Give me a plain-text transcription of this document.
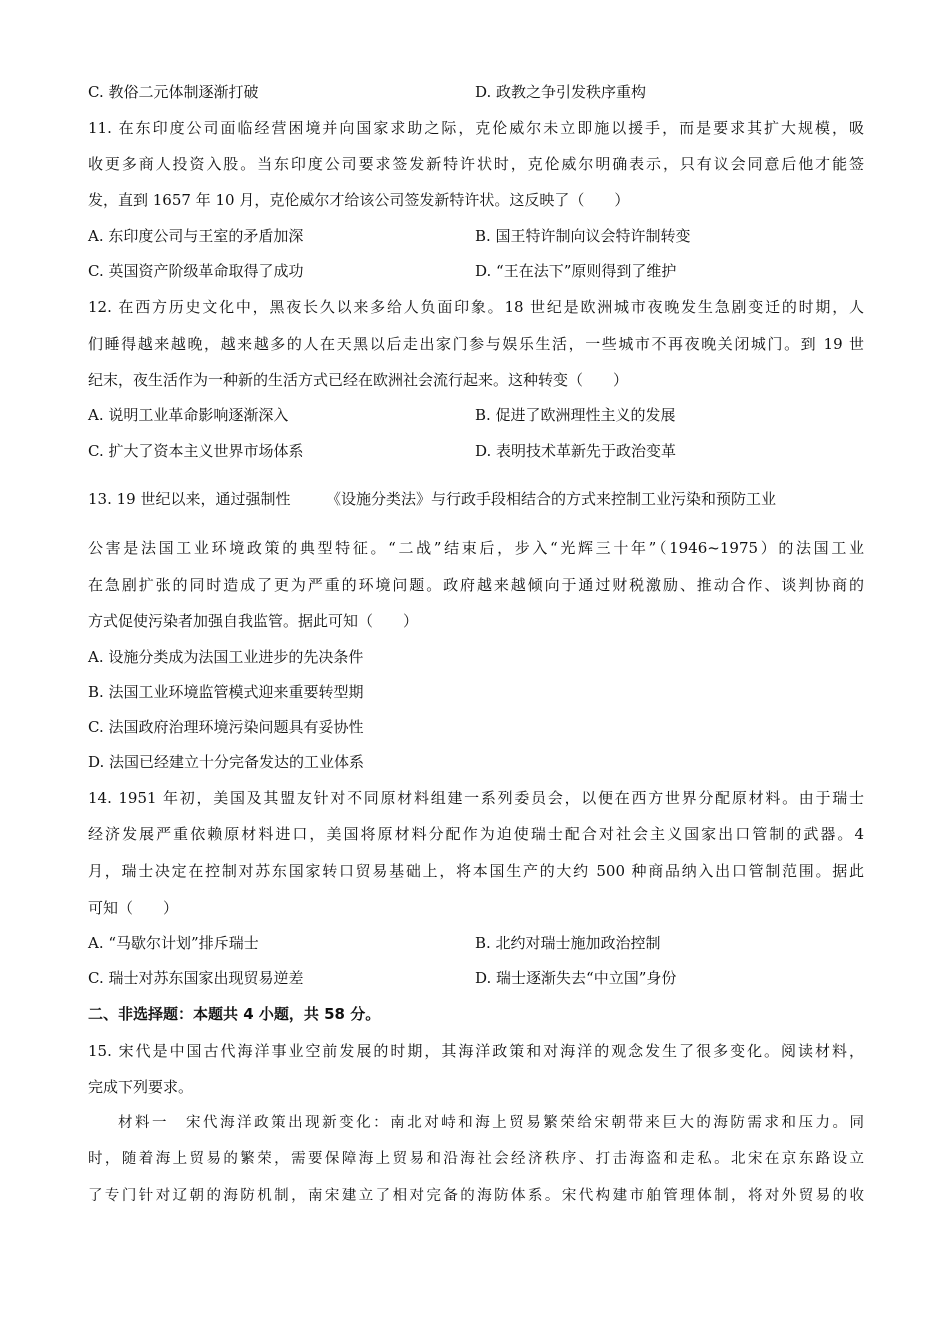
C. 教俗二元体制逐渐打破	D. 政教之争引发秩序重构
11. 在东印度公司面临经营困境并向国家求助之际，克伦威尔未立即施以援手，而是要求其扩大规模，吸
收更多商人投资入股。当东印度公司要求签发新特许状时，克伦威尔明确表示，只有议会同意后他才能签
发，直到 1657 年 10 月，克伦威尔才给该公司签发新特许状。这反映了（　　）
A. 东印度公司与王室的矛盾加深	B. 国王特许制向议会特许制转变
C. 英国资产阶级革命取得了成功	D. “王在法下”原则得到了维护
12. 在西方历史文化中，黑夜长久以来多给人负面印象。18 世纪是欧洲城市夜晚发生急剧变迁的时期，人
们睡得越来越晚，越来越多的人在天黑以后走出家门参与娱乐生活，一些城市不再夜晚关闭城门。到 19 世
纪末，夜生活作为一种新的生活方式已经在欧洲社会流行起来。这种转变（　　）
A. 说明工业革命影响逐渐深入	B. 促进了欧洲理性主义的发展
C. 扩大了资本主义世界市场体系	D. 表明技术革新先于政治变革
13. 19 世纪以来，通过强制性 《设施分类法》与行政手段相结合的方式来控制工业污染和预防工业
公害是法国工业环境政策的典型特征。“二战”结束后，步入“光辉三十年”（1946~1975）的法国工业
在急剧扩张的同时造成了更为严重的环境问题。政府越来越倾向于通过财税激励、推动合作、谈判协商的
方式促使污染者加强自我监管。据此可知（　　）
A. 设施分类成为法国工业进步的先决条件
B. 法国工业环境监管模式迎来重要转型期
C. 法国政府治理环境污染问题具有妥协性
D. 法国已经建立十分完备发达的工业体系
14. 1951 年初，美国及其盟友针对不同原材料组建一系列委员会，以便在西方世界分配原材料。由于瑞士
经济发展严重依赖原材料进口，美国将原材料分配作为迫使瑞士配合对社会主义国家出口管制的武器。4
月，瑞士决定在控制对苏东国家转口贸易基础上，将本国生产的大约 500 种商品纳入出口管制范围。据此
可知（　　）
A. “马歇尔计划”排斥瑞士	B. 北约对瑞士施加政治控制
C. 瑞士对苏东国家出现贸易逆差	D. 瑞士逐渐失去“中立国”身份
二、非选择题：本题共 4 小题，共 58 分。
15. 宋代是中国古代海洋事业空前发展的时期，其海洋政策和对海洋的观念发生了很多变化。阅读材料，
完成下列要求。
材料一　宋代海洋政策出现新变化：南北对峙和海上贸易繁荣给宋朝带来巨大的海防需求和压力。同
时，随着海上贸易的繁荣，需要保障海上贸易和沿海社会经济秩序、打击海盗和走私。北宋在京东路设立
了专门针对辽朝的海防机制，南宋建立了相对完备的海防体系。宋代构建市舶管理体制，将对外贸易的收
